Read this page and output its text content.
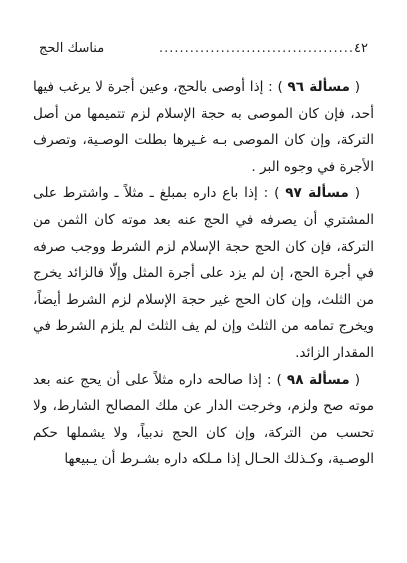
٤٢
......................................
مناسك الحج

( مسألة ٩٦ ) : إذا أوصى بالحج، وعين أجرة لا يرغب فيها أحد، فإن كان الموصى به حجة الإسلام لزم تتميمها من أصل التركة، وإن كان الموصى بـه غـيرها بطلت الوصـية، وتصرف الأجرة في وجوه البر .

( مسألة ٩٧ ) : إذا باع داره بمبلغ ـ مثلاً ـ واشترط على المشتري أن يصرفه في الحج عنه بعد موته كان الثمن من التركة، فإن كان الحج حجة الإسلام لزم الشرط ووجب صرفه في أجرة الحج، إن لم يزد على أجرة المثل وإلّا فالزائد يخرج من الثلث، وإن كان الحج غير حجة الإسلام لزم الشرط أيضاً، ويخرج تمامه من الثلث وإن لم يف الثلث لم يلزم الشرط في المقدار الزائد.

( مسألة ٩٨ ) : إذا صالحه داره مثلاً على أن يحج عنه بعد موته صح ولزم، وخرجت الدار عن ملك المصالح الشارط، ولا تحسب من التركة، وإن كان الحج ندبياً، ولا يشملها حكم الوصـية، وكـذلك الحـال إذا مـلكه داره بشـرط أن يـبيعها
